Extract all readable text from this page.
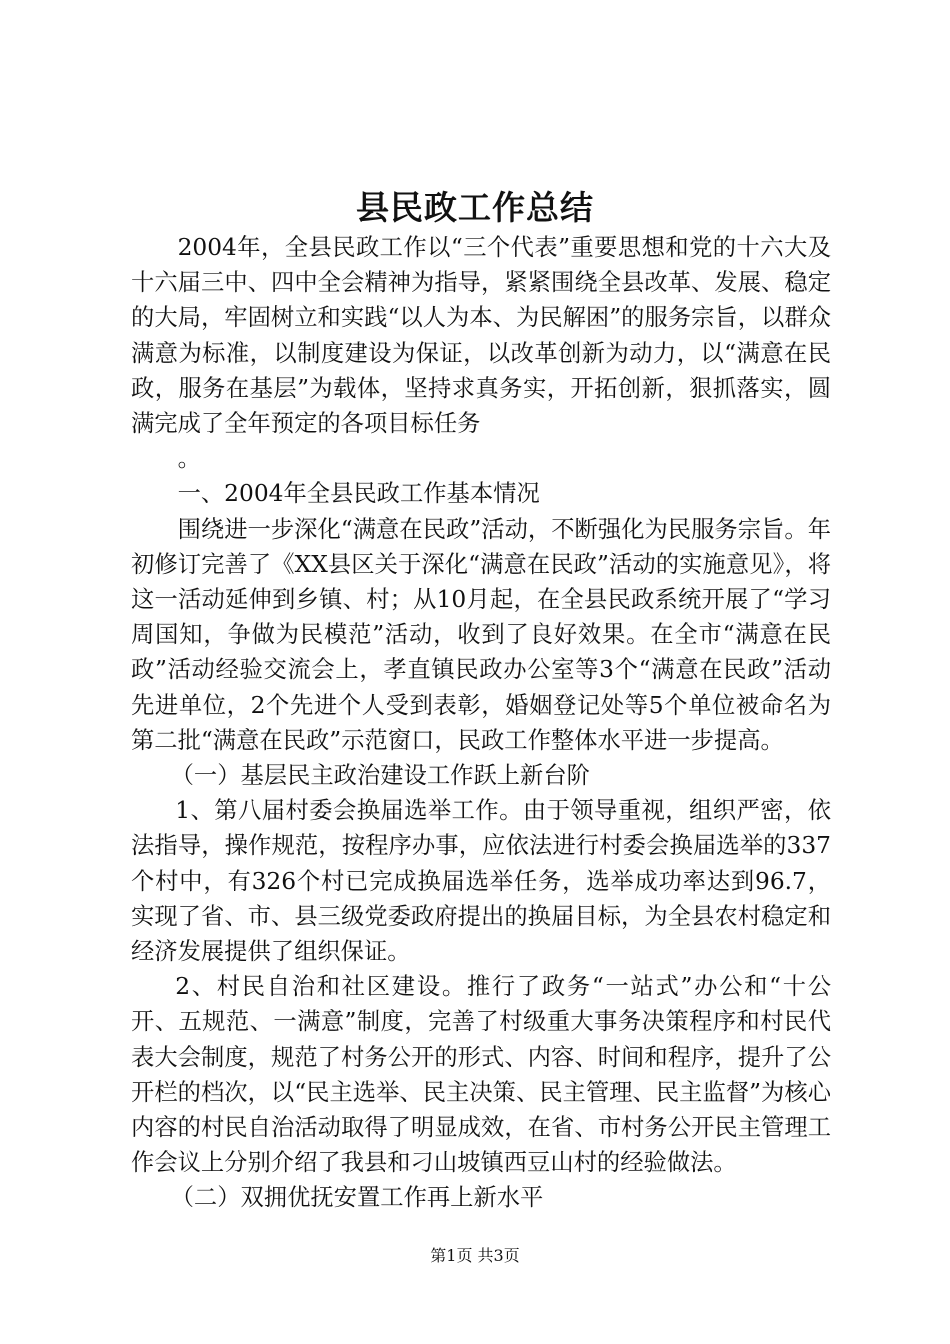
县民政工作总结

2004年，全县民政工作以“三个代表”重要思想和党的十六大及十六届三中、四中全会精神为指导，紧紧围绕全县改革、发展、稳定的大局，牢固树立和实践“以人为本、为民解困”的服务宗旨，以群众满意为标准，以制度建设为保证，以改革创新为动力，以“满意在民政，服务在基层”为载体，坚持求真务实，开拓创新，狠抓落实，圆满完成了全年预定的各项目标任务

。

一、2004年全县民政工作基本情况

围绕进一步深化“满意在民政”活动，不断强化为民服务宗旨。年初修订完善了《XX县区关于深化“满意在民政”活动的实施意见》，将这一活动延伸到乡镇、村；从10月起，在全县民政系统开展了“学习周国知，争做为民模范”活动，收到了良好效果。在全市“满意在民政”活动经验交流会上，孝直镇民政办公室等3个“满意在民政”活动先进单位，2个先进个人受到表彰，婚姻登记处等5个单位被命名为第二批“满意在民政”示范窗口，民政工作整体水平进一步提高。

（一）基层民主政治建设工作跃上新台阶

1、第八届村委会换届选举工作。由于领导重视，组织严密，依法指导，操作规范，按程序办事，应依法进行村委会换届选举的337个村中，有326个村已完成换届选举任务，选举成功率达到96.7，实现了省、市、县三级党委政府提出的换届目标，为全县农村稳定和经济发展提供了组织保证。

2、村民自治和社区建设。推行了政务“一站式”办公和“十公开、五规范、一满意”制度，完善了村级重大事务决策程序和村民代表大会制度，规范了村务公开的形式、内容、时间和程序，提升了公开栏的档次，以“民主选举、民主决策、民主管理、民主监督”为核心内容的村民自治活动取得了明显成效，在省、市村务公开民主管理工作会议上分别介绍了我县和刁山坡镇西豆山村的经验做法。

（二）双拥优抚安置工作再上新水平

第1页 共3页
